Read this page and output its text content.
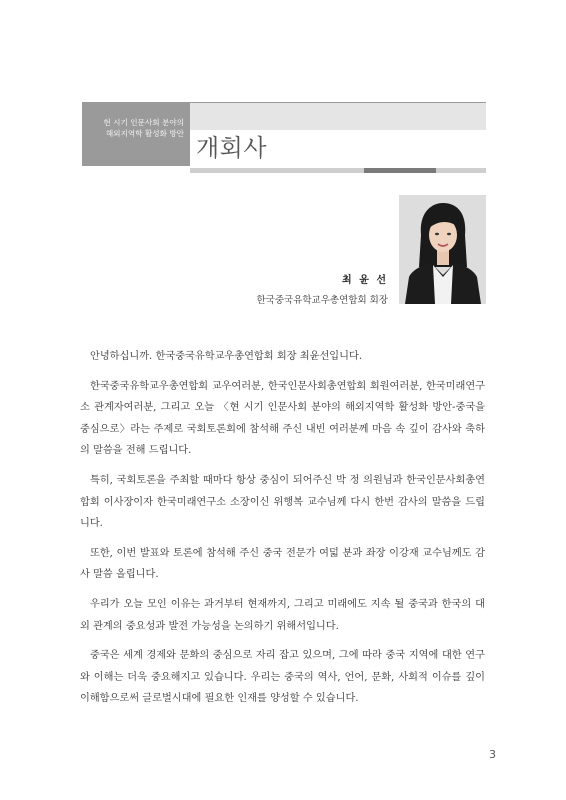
현 시기 인문사회 분야의
해외지역학 활성화 방안
개회사
최 윤 선
한국중국유학교우총연합회 회장

안녕하십니까. 한국중국유학교우총연합회 회장 최윤선입니다.

한국중국유학교우총연합회 교우여러분, 한국인문사회총연합회 회원여러분, 한국미래연구소 관계자여러분, 그리고 오늘 〈현 시기 인문사회 분야의 해외지역학 활성화 방안-중국을 중심으로〉라는 주제로 국회토론회에 참석해 주신 내빈 여러분께 마음 속 깊이 감사와 축하의 말씀을 전해 드립니다.

특히, 국회토론을 주최할 때마다 항상 중심이 되어주신 박 정 의원님과 한국인문사회총연합회 이사장이자 한국미래연구소 소장이신 위행복 교수님께 다시 한번 감사의 말씀을 드립니다.

또한, 이번 발표와 토론에 참석해 주신 중국 전문가 여덟 분과 좌장 이강재 교수님께도 감사 말씀 올립니다.

우리가 오늘 모인 이유는 과거부터 현재까지, 그리고 미래에도 지속 될 중국과 한국의 대외 관계의 중요성과 발전 가능성을 논의하기 위해서입니다.

중국은 세계 경제와 문화의 중심으로 자리 잡고 있으며, 그에 따라 중국 지역에 대한 연구와 이해는 더욱 중요해지고 있습니다. 우리는 중국의 역사, 언어, 문화, 사회적 이슈를 깊이 이해함으로써 글로벌시대에 필요한 인재를 양성할 수 있습니다.

3
